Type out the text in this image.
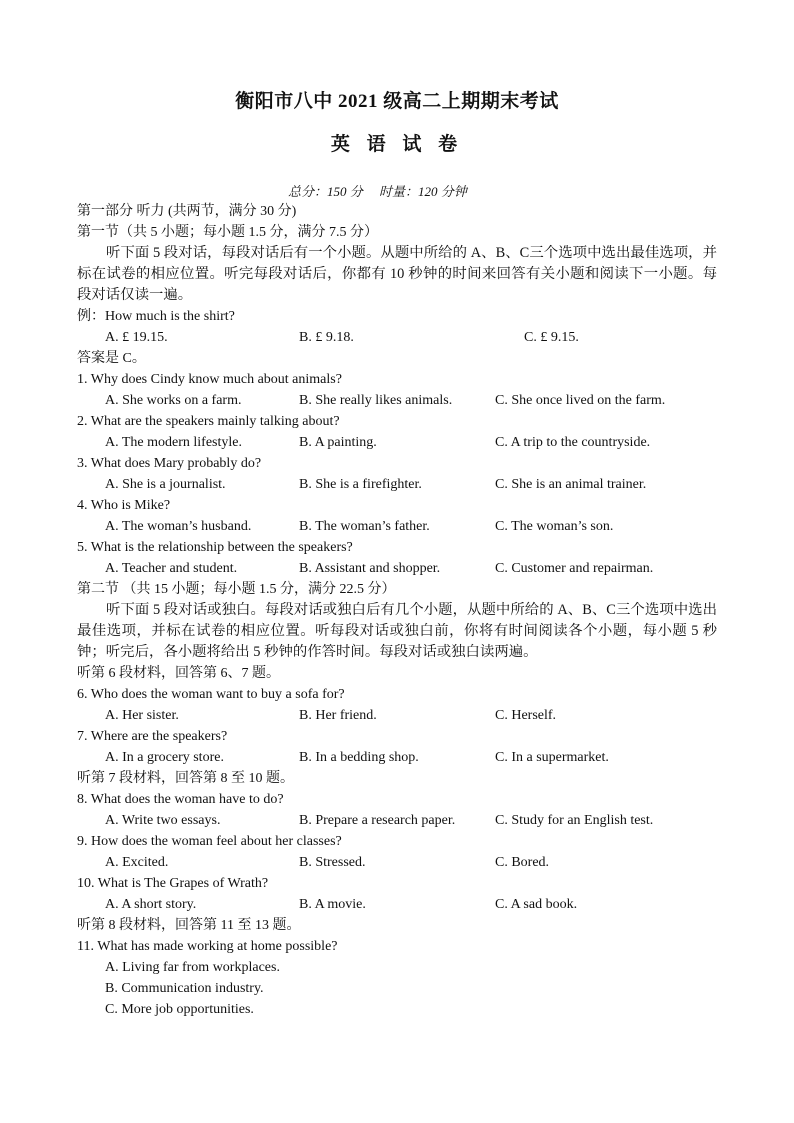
衡阳市八中 2021 级高二上期期末考试
英 语 试 卷
总分：150 分     时量：120 分钟
第一部分 听力 (共两节，满分 30 分)
第一节（共 5 小题；每小题 1.5 分，满分 7.5 分）
听下面 5 段对话，每段对话后有一个小题。从题中所给的 A、B、C三个选项中选出最佳选项，并标在试卷的相应位置。听完每段对话后，你都有 10 秒钟的时间来回答有关小题和阅读下一小题。每段对话仅读一遍。
例：How much is the shirt?
A. £ 19.15.	B. £ 9.18.	C. £ 9.15.
答案是 C。
1. Why does Cindy know much about animals?
A. She works on a farm.	B. She really likes animals.	C. She once lived on the farm.
2. What are the speakers mainly talking about?
A. The modern lifestyle.	B. A painting.	C. A trip to the countryside.
3. What does Mary probably do?
A. She is a journalist.	B. She is a firefighter.	C. She is an animal trainer.
4. Who is Mike?
A. The woman’s husband.	B. The woman’s father.	C. The woman’s son.
5. What is the relationship between the speakers?
A. Teacher and student.	B. Assistant and shopper.	C. Customer and repairman.
第二节 （共 15 小题；每小题 1.5 分，满分 22.5 分）
听下面 5 段对话或独白。每段对话或独白后有几个小题，从题中所给的 A、B、C三个选项中选出最佳选项，并标在试卷的相应位置。听每段对话或独白前，你将有时间阅读各个小题，每小题 5 秒钟；听完后，各小题将给出 5 秒钟的作答时间。每段对话或独白读两遍。
听第 6 段材料，回答第 6、7 题。
6. Who does the woman want to buy a sofa for?
A. Her sister.	B. Her friend.	C. Herself.
7. Where are the speakers?
A. In a grocery store.	B. In a bedding shop.	C. In a supermarket.
听第 7 段材料，回答第 8 至 10 题。
8. What does the woman have to do?
A. Write two essays.	B. Prepare a research paper.	C. Study for an English test.
9. How does the woman feel about her classes?
A. Excited.	B. Stressed.	C. Bored.
10. What is The Grapes of Wrath?
A. A short story.	B. A movie.	C. A sad book.
听第 8 段材料，回答第 11 至 13 题。
11. What has made working at home possible?
A. Living far from workplaces.
B. Communication industry.
C. More job opportunities.
